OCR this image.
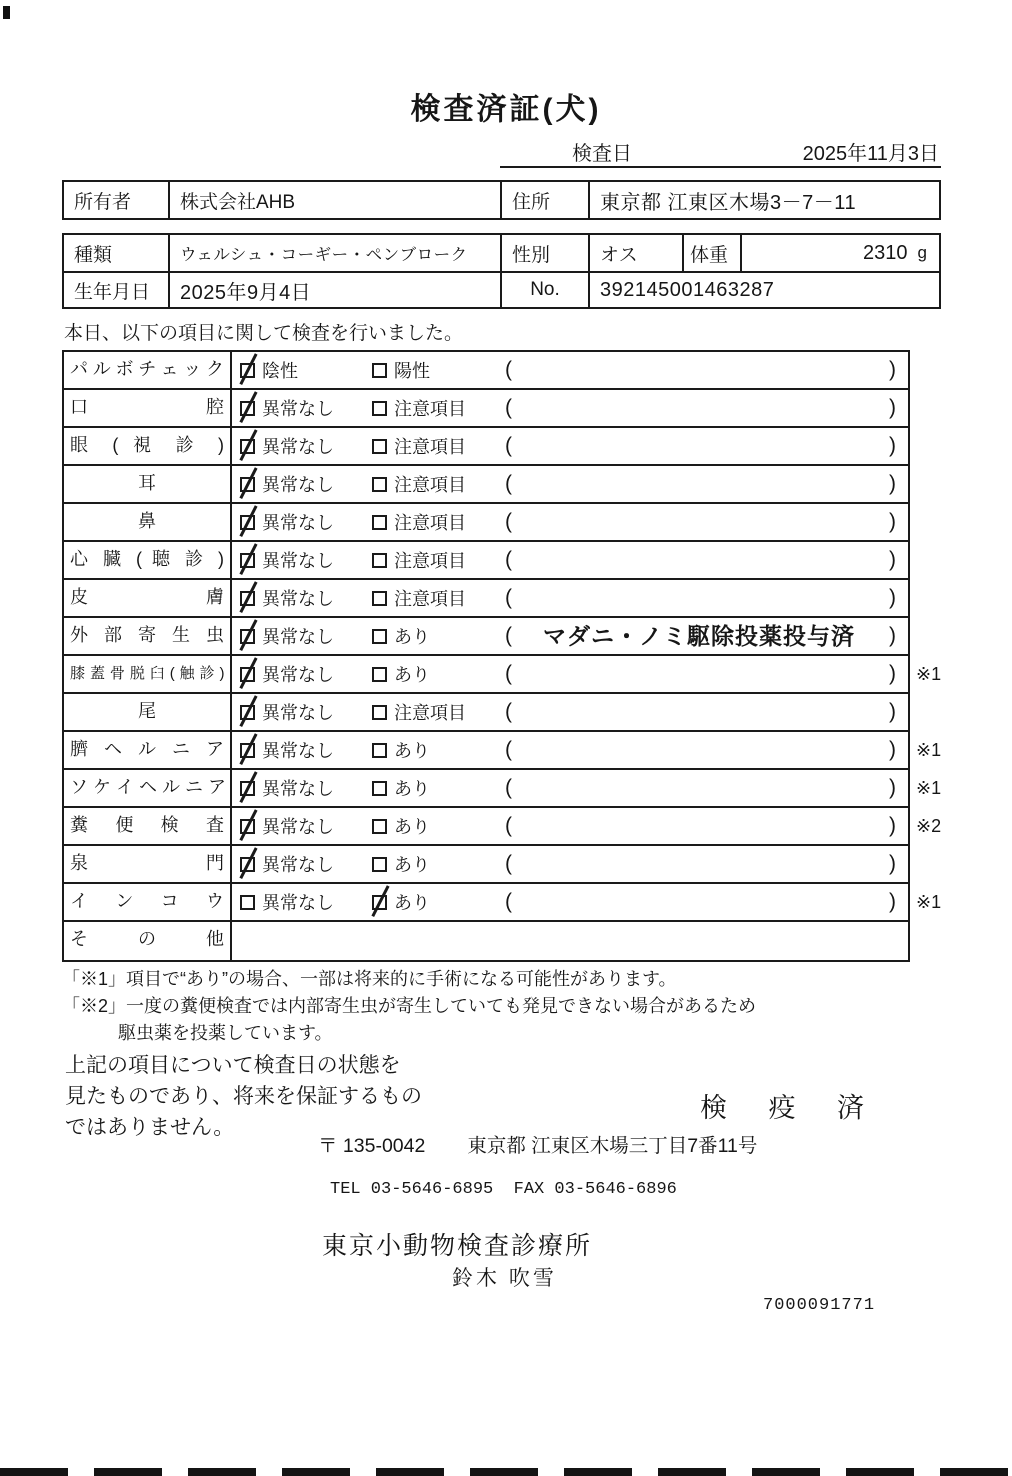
検査済証(犬)
検査日	2025年11月3日
所有者	株式会社AHB	住所	東京都 江東区木場3－7－11
種類	ウェルシュ・コーギー・ペンブローク	性別	オス	体重	2310 g
生年月日	2025年9月4日	No.	392145001463287
本日、以下の項目に関して検査を行いました。
パルボチェック	陰性	陽性	(	)
口 腔	異常なし	注意項目 (	)
眼 ( 視 診 )	異常なし	注意項目 (	)
耳	異常なし	注意項目 (	)
鼻	異常なし	注意項目 (	)
心 臓 ( 聴 診 )	異常なし	注意項目 (	)
皮 膚	異常なし	注意項目 (	)
外 部 寄 生 虫	異常なし	あり	(	マダニ・ノミ駆除投薬投与済	)
膝蓋骨脱臼(触診)	異常なし	あり	(	) ※1
尾	異常なし	注意項目 (	)
臍 ヘ ル ニ ア	異常なし	あり	(	) ※1
ソ ケ イ ヘ ル ニ ア	異常なし	あり	(	) ※1
糞 便 検 査	異常なし	あり	(	) ※2
泉 門	異常なし	あり	(	)
イ ン コ ウ	異常なし	あり	(	) ※1
そ の 他
「※1」項目で“あり”の場合、一部は将来的に手術になる可能性があります。
「※2」一度の糞便検査では内部寄生虫が寄生していても発見できない場合があるため
駆虫薬を投薬しています。
上記の項目について検査日の状態を
見たものであり、将来を保証するもの
ではありません。
検 疫 済
〒 135-0042 東京都 江東区木場三丁目7番11号
TEL 03-5646-6895  FAX 03-5646-6896
東京小動物検査診療所
鈴木 吹雪
7000091771
